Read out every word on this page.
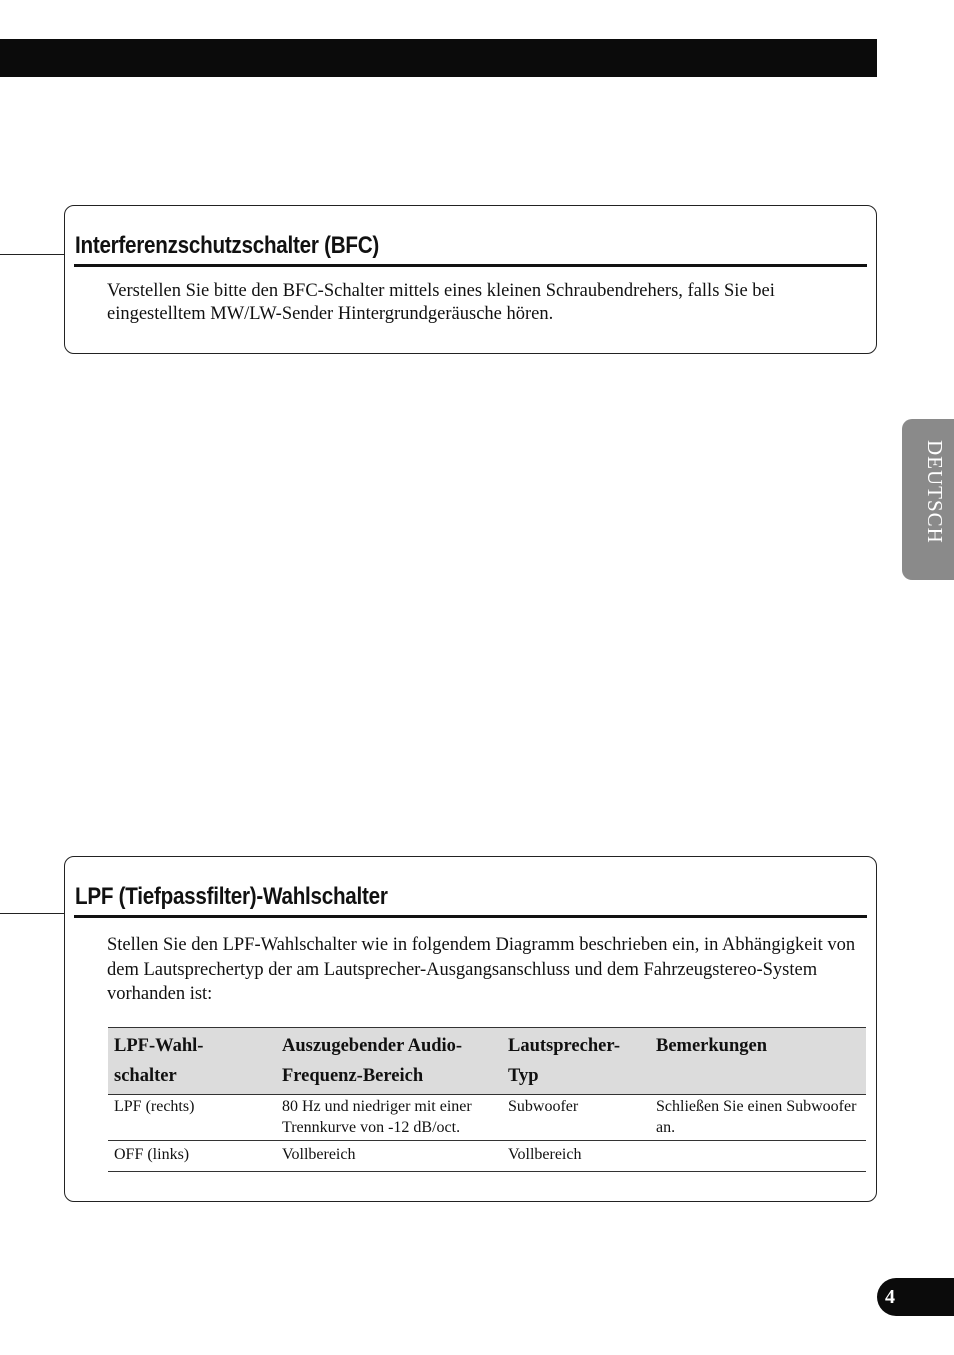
Interferenzschutzschalter (BFC)
Verstellen Sie bitte den BFC-Schalter mittels eines kleinen Schraubendrehers, falls Sie bei eingestelltem MW/LW-Sender Hintergrundgeräusche hören.
LPF (Tiefpassfilter)-Wahlschalter
Stellen Sie den LPF-Wahlschalter wie in folgendem Diagramm beschrieben ein, in Abhängigkeit von dem Lautsprechertyp der am Lautsprecher-Ausgangsanschluss und dem Fahrzeugstereo-System vorhanden ist:
LPF-Wahl- schalter	Auszugebender Audio- Frequenz-Bereich	Lautsprecher- Typ	Bemerkungen
LPF (rechts)	80 Hz und niedriger mit einer Trennkurve von -12 dB/oct.	Subwoofer	Schließen Sie einen Subwoofer an.
OFF (links)	Vollbereich	Vollbereich	
DEUTSCH
4
